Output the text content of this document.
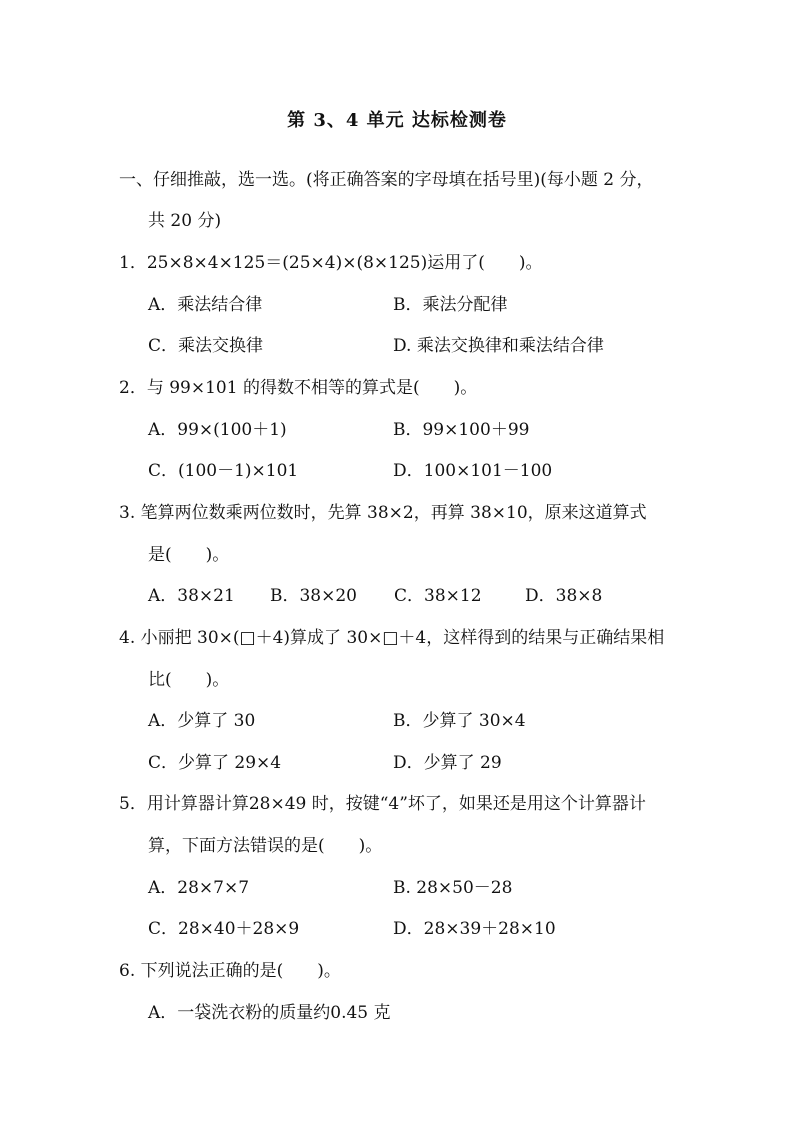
第 3、4 单元 达标检测卷
一、仔细推敲，选一选。(将正确答案的字母填在括号里)(每小题 2 分，
共 20 分)
1．25×8×4×125＝(25×4)×(8×125)运用了(　　)。
A．乘法结合律	B．乘法分配律
C．乘法交换律	D. 乘法交换律和乘法结合律
2．与 99×101 的得数不相等的算式是(　　)。
A．99×(100＋1)	B．99×100＋99
C．(100－1)×101	D．100×101－100
3. 笔算两位数乘两位数时，先算 38×2，再算 38×10，原来这道算式
是(　　)。
A．38×21 B．38×20 C．38×12	D．38×8
4. 小丽把 30×(□＋4)算成了 30×□＋4，这样得到的结果与正确结果相
比(　　)。
A．少算了 30	B．少算了 30×4
C．少算了 29×4	D．少算了 29
5．用计算器计算28×49 时，按键“4”坏了，如果还是用这个计算器计
算，下面方法错误的是(　　)。
A．28×7×7	B. 28×50－28
C．28×40＋28×9	D．28×39＋28×10
6. 下列说法正确的是(　　)。
A．一袋洗衣粉的质量约0.45 克
